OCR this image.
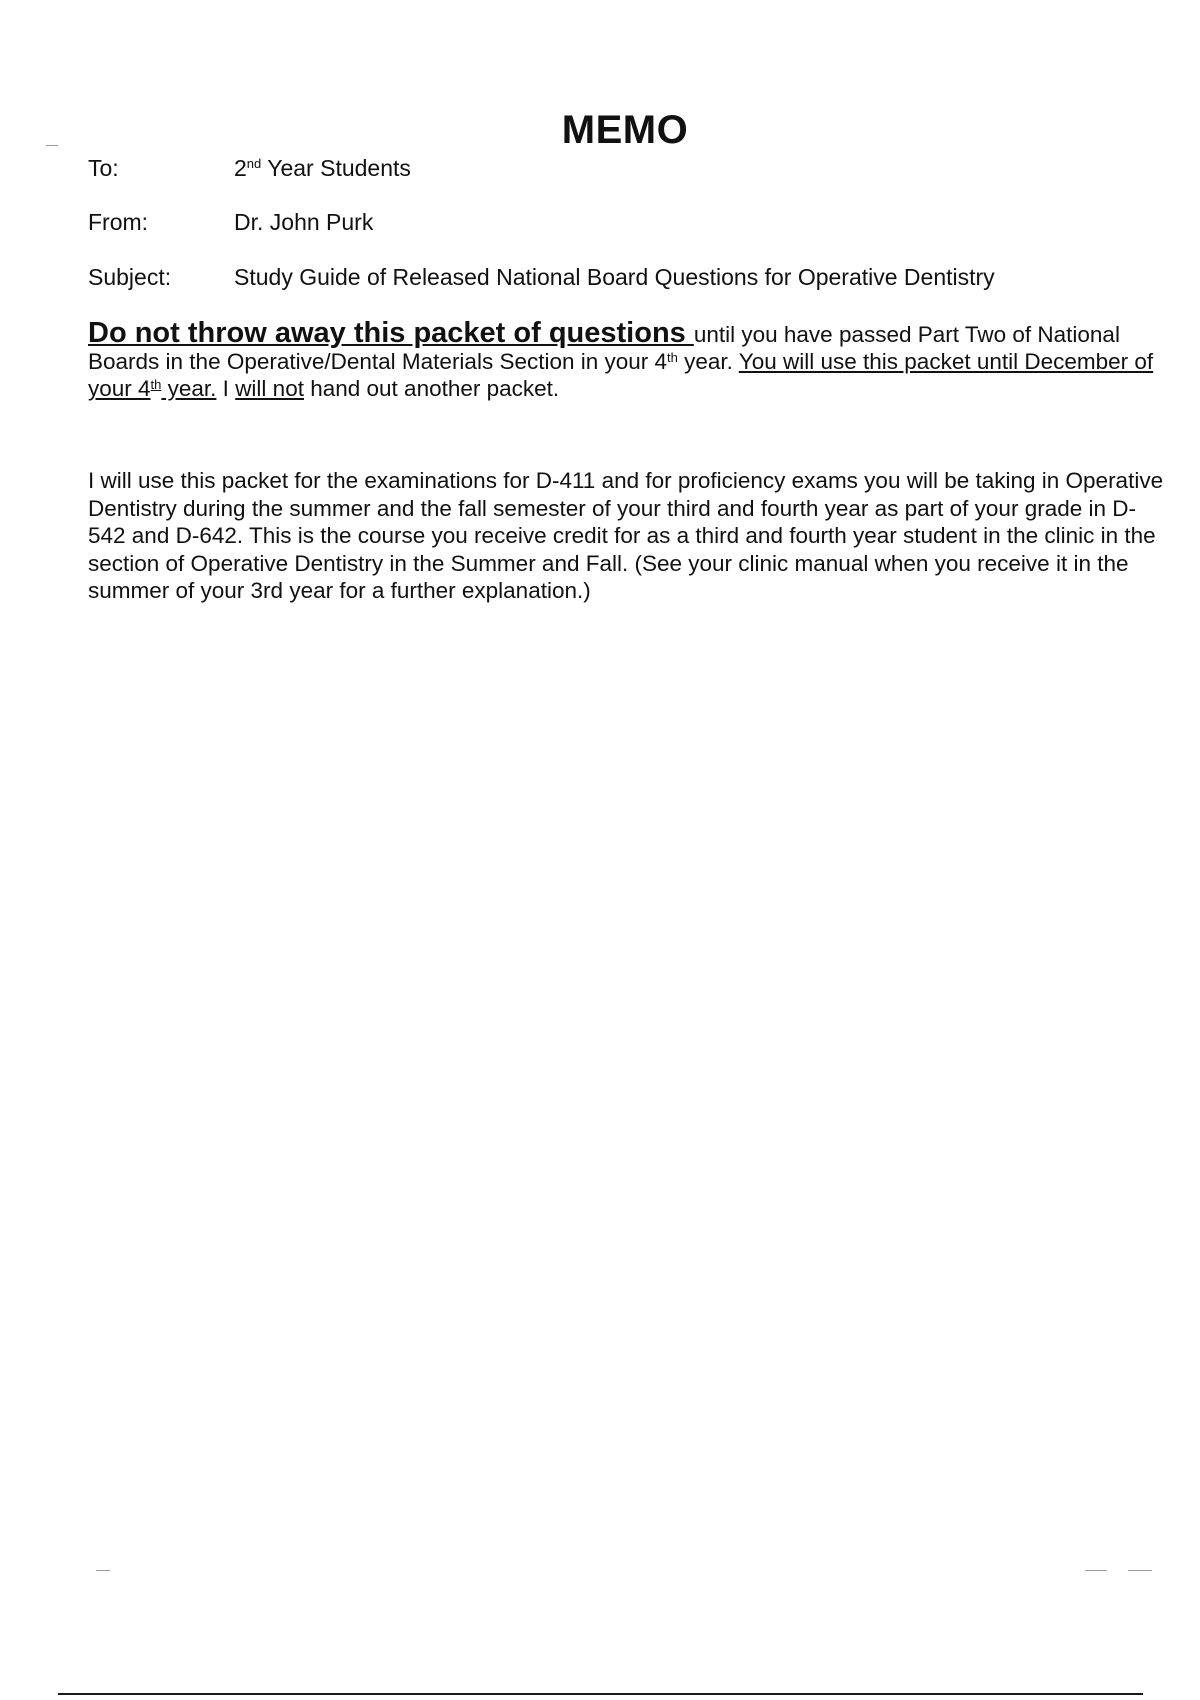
MEMO
To:	2nd Year Students
From:	Dr. John Purk
Subject:	Study Guide of Released National Board Questions for Operative Dentistry
Do not throw away this packet of questions until you have passed Part Two of National Boards in the Operative/Dental Materials Section in your 4th year. You will use this packet until December of your 4th year. I will not hand out another packet.
I will use this packet for the examinations for D-411 and for proficiency exams you will be taking in Operative Dentistry during the summer and the fall semester of your third and fourth year as part of your grade in D-542 and D-642. This is the course you receive credit for as a third and fourth year student in the clinic in the section of Operative Dentistry in the Summer and Fall. (See your clinic manual when you receive it in the summer of your 3rd year for a further explanation.)
